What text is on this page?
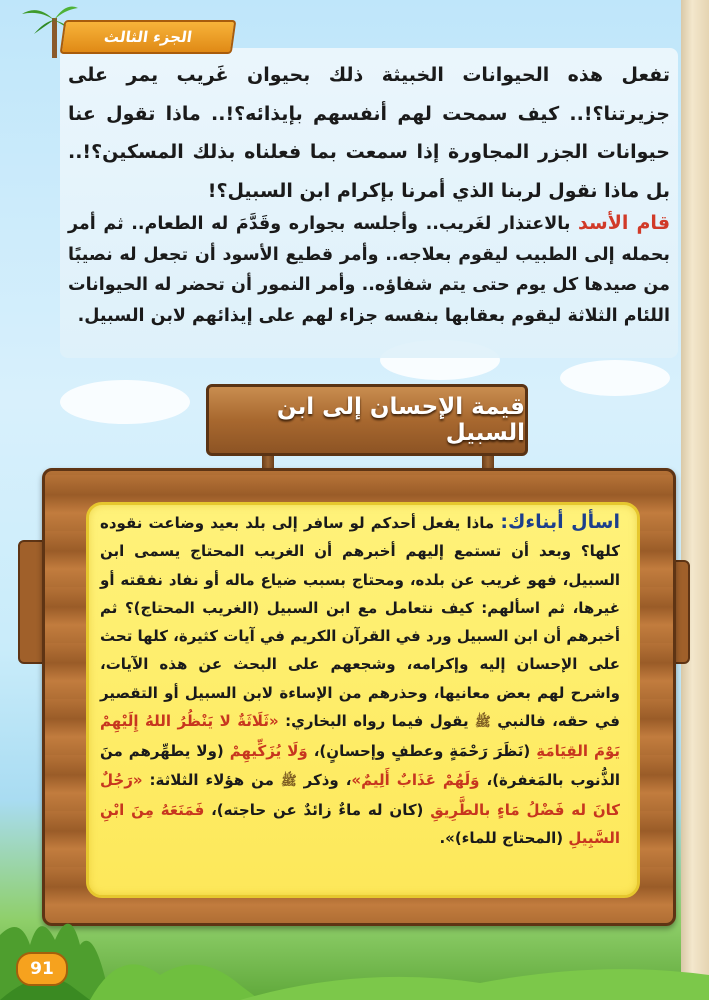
الجزء الثالث
تفعل هذه الحيوانات الخبيثة ذلك بحيوان غَريب يمر على جزيرتنا؟!.. كيف سمحت لهم أنفسهم بإيذائه؟!.. ماذا تقول عنا حيوانات الجزر المجاورة إذا سمعت بما فعلناه بذلك المسكين؟!.. بل ماذا نقول لربنا الذي أمرنا بإكرام ابن السبيل؟!
قام الأسد بالاعتذار لغَريب.. وأجلسه بجواره وقَدَّمَ له الطعام.. ثم أمر بحمله إلى الطبيب ليقوم بعلاجه.. وأمر قطيع الأسود أن تجعل له نصيبًا من صيدها كل يوم حتى يتم شفاؤه.. وأمر النمور أن تحضر له الحيوانات اللئام الثلاثة ليقوم بعقابها بنفسه جزاء لهم على إيذائهم لابن السبيل.
قيمة الإحسان إلى ابن السبيل
اسأل أبناءك: ماذا يفعل أحدكم لو سافر إلى بلد بعيد وضاعت نقوده كلها؟ وبعد أن تستمع إليهم أخبرهم أن الغريب المحتاج يسمى ابن السبيل، فهو غريب عن بلده، ومحتاج بسبب ضياع ماله أو نفاد نفقته أو غيرها، ثم اسألهم: كيف نتعامل مع ابن السبيل (الغريب المحتاج)؟ ثم أخبرهم أن ابن السبيل ورد في القرآن الكريم في آيات كثيرة، كلها تحث على الإحسان إليه وإكرامه، وشجعهم على البحث عن هذه الآيات، واشرح لهم بعض معانيها، وحذرهم من الإساءة لابن السبيل أو التقصير في حقه، فالنبي ﷺ يقول فيما رواه البخاري: «ثَلَاثَةٌ لا يَنْظُرُ اللهُ إِلَيْهِمْ يَوْمَ القِيَامَةِ (نَظَرَ رَحْمَةٍ وعطفٍ وإحسانٍ)، وَلَا يُزَكِّيهِمْ (ولا يطهِّرهم منَ الذُّنوب بالمَغفرة)، وَلَهُمْ عَذَابٌ أَلِيمٌ»، وذكر ﷺ من هؤلاء الثلاثة: «رَجُلٌ كانَ له فَضْلُ مَاءٍ بالطَّرِيقِ (كان له ماءٌ زائدٌ عن حاجته)، فَمَنَعَهُ مِنَ ابْنِ السَّبِيلِ (المحتاج للماء)».
91
